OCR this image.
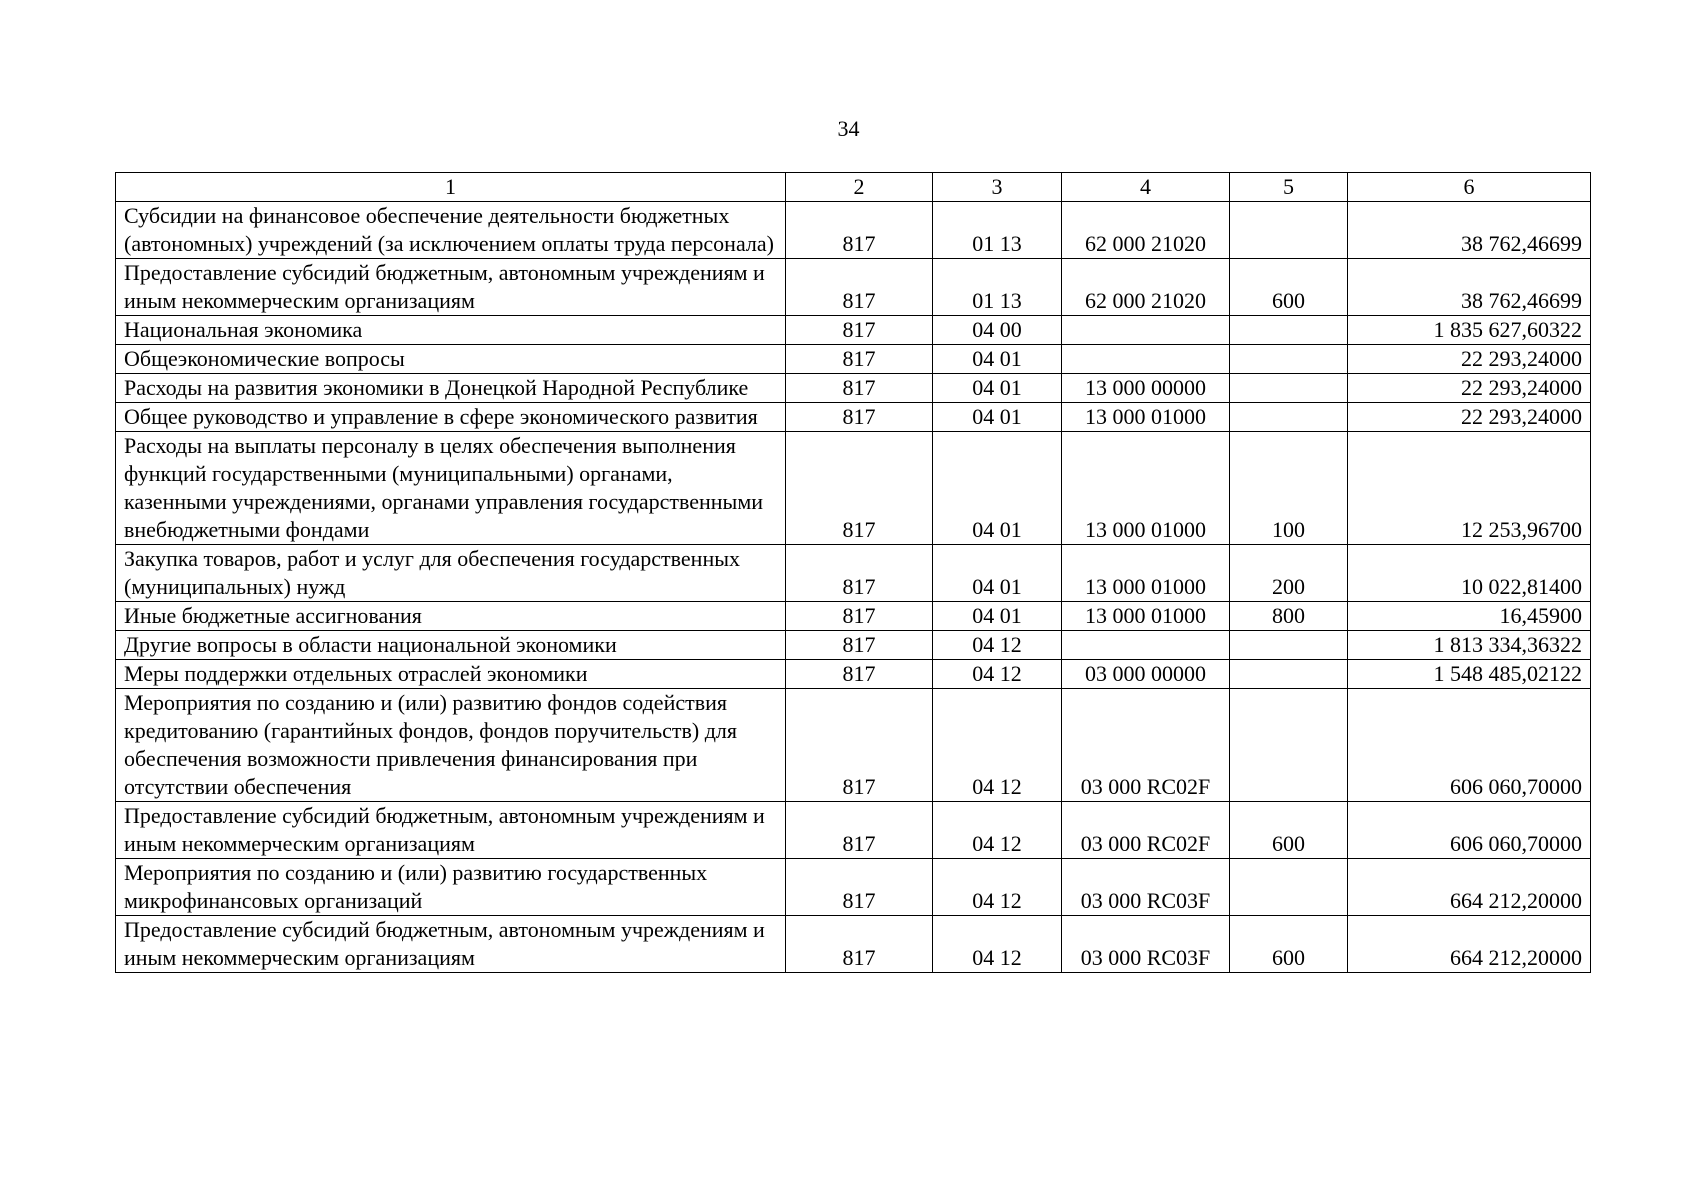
34
1	2	3	4	5	6
Субсидии на финансовое обеспечение деятельности бюджетных (автономных) учреждений (за исключением оплаты труда персонала)	817	01 13	62 000 21020		38 762,46699
Предоставление субсидий бюджетным, автономным учреждениям и иным некоммерческим организациям	817	01 13	62 000 21020	600	38 762,46699
Национальная экономика	817	04 00			1 835 627,60322
Общеэкономические вопросы	817	04 01			22 293,24000
Расходы на развития экономики в Донецкой Народной Республике	817	04 01	13 000 00000		22 293,24000
Общее руководство и управление в сфере экономического развития	817	04 01	13 000 01000		22 293,24000
Расходы на выплаты персоналу в целях обеспечения выполнения функций государственными (муниципальными) органами, казенными учреждениями, органами управления государственными внебюджетными фондами	817	04 01	13 000 01000	100	12 253,96700
Закупка товаров, работ и услуг для обеспечения государственных (муниципальных) нужд	817	04 01	13 000 01000	200	10 022,81400
Иные бюджетные ассигнования	817	04 01	13 000 01000	800	16,45900
Другие вопросы в области национальной экономики	817	04 12			1 813 334,36322
Меры поддержки отдельных отраслей экономики	817	04 12	03 000 00000		1 548 485,02122
Мероприятия по созданию и (или) развитию фондов содействия кредитованию (гарантийных фондов, фондов поручительств) для обеспечения возможности привлечения финансирования при отсутствии обеспечения	817	04 12	03 000 RC02F		606 060,70000
Предоставление субсидий бюджетным, автономным учреждениям и иным некоммерческим организациям	817	04 12	03 000 RC02F	600	606 060,70000
Мероприятия по созданию и (или) развитию государственных микрофинансовых организаций	817	04 12	03 000 RC03F		664 212,20000
Предоставление субсидий бюджетным, автономным учреждениям и иным некоммерческим организациям	817	04 12	03 000 RC03F	600	664 212,20000
